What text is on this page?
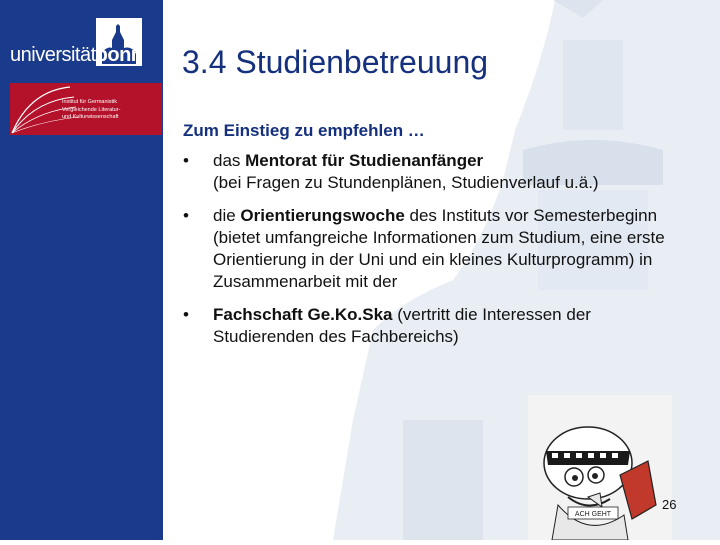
universitätbonn
Institut für Germanistik
Vergleichende Literatur-
und Kulturwissenschaft
3.4 Studienbetreuung
Zum Einstieg zu empfehlen …
• das Mentorat für Studienanfänger
(bei Fragen zu Stundenplänen, Studienverlauf u.ä.)
• die Orientierungswoche des Instituts vor Semesterbeginn (bietet umfangreiche Informationen zum Studium, eine erste Orientierung in der Uni und ein kleines Kulturprogramm) in Zusammenarbeit mit der
• Fachschaft Ge.Ko.Ska (vertritt die Interessen der Studierenden des Fachbereichs)
ACH GEHT
26
